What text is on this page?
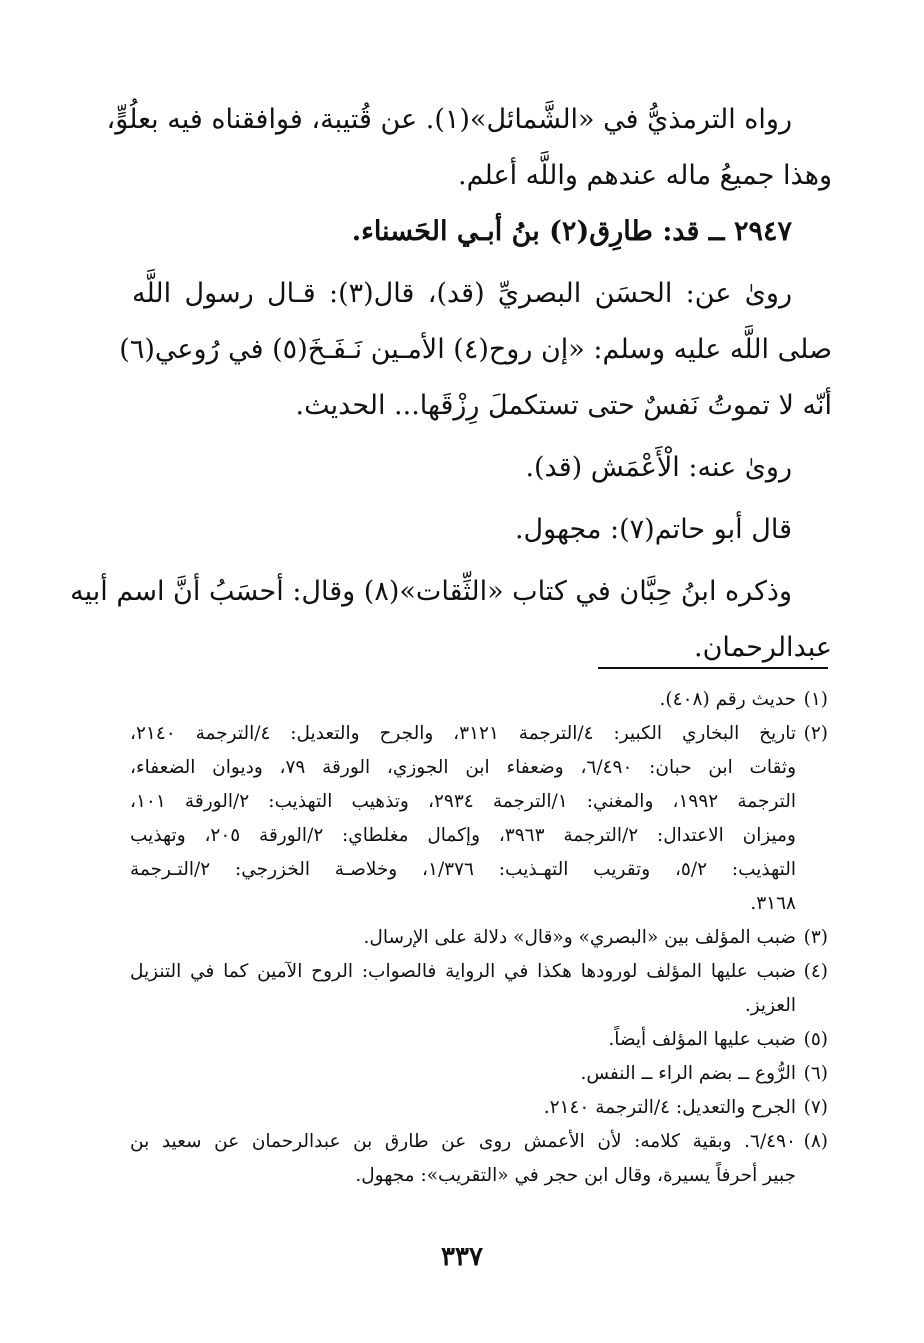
رواه الترمذيُّ في «الشَّمائل»(١). عن قُتيبة، فوافقناه فيه بعلُوٍّ،
وهذا جميعُ ماله عندهم واللَّه أعلم.
٢٩٤٧ ــ قد: طارِق(٢) بنُ أبـي الحَسناء.
روىٰ عن: الحسَن البصريِّ (قد)، قال(٣): قـال رسول اللَّه
صلى اللَّه عليه وسلم: «إن روح(٤) الأمـين نَـفَـخَ(٥) في رُوعي(٦)
أنّه لا تموتُ نَفسٌ حتى تستكملَ رِزْقَها... الحديث.
روىٰ عنه: الْأَعْمَش (قد).
قال أبو حاتم(٧): مجهول.
وذكره ابنُ حِبَّان في كتاب «الثِّقات»(٨) وقال: أحسَبُ أنَّ اسم أبيه
عبدالرحمان.
(١)
حديث رقم (٤٠٨).
(٢)
تاريخ البخاري الكبير: ٤/الترجمة ٣١٢١، والجرح والتعديل: ٤/الترجمة ٢١٤٠،
وثقات ابن حبان: ٦/٤٩٠، وضعفاء ابن الجوزي، الورقة ٧٩، وديوان الضعفاء،
الترجمة ١٩٩٢، والمغني: ١/الترجمة ٢٩٣٤، وتذهيب التهذيب: ٢/الورقة ١٠١،
وميزان الاعتدال: ٢/الترجمة ٣٩٦٣، وإكمال مغلطاي: ٢/الورقة ٢٠٥، وتهذيب
التهذيب: ٥/٢، وتقريب التهـذيب: ١/٣٧٦، وخلاصـة الخزرجي: ٢/التـرجمة
٣١٦٨.
(٣)
ضبب المؤلف بين «البصري» و«قال» دلالة على الإرسال.
(٤)
ضبب عليها المؤلف لورودها هكذا في الرواية فالصواب: الروح الآمين كما في التنزيل
العزيز.
(٥)
ضبب عليها المؤلف أيضاً.
(٦)
الرُّوع ــ بضم الراء ــ النفس.
(٧)
الجرح والتعديل: ٤/الترجمة ٢١٤٠.
(٨)
٦/٤٩٠. وبقية كلامه: لأن الأعمش روى عن طارق بن عبدالرحمان عن سعيد بن
جبير أحرفاً يسيرة، وقال ابن حجر في «التقريب»: مجهول.
٣٣٧
